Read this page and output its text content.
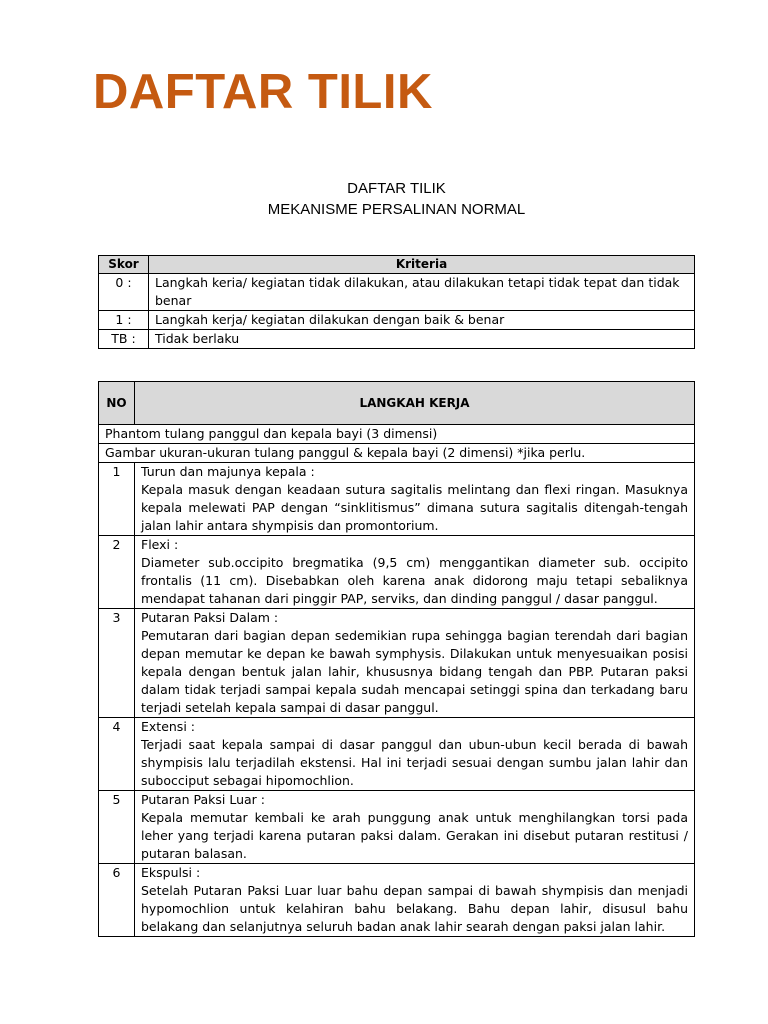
DAFTAR TILIK
DAFTAR TILIK
MEKANISME PERSALINAN NORMAL
Skor	Kriteria
0 :	Langkah keria/ kegiatan tidak dilakukan, atau dilakukan tetapi tidak tepat dan tidak benar
1 :	Langkah kerja/ kegiatan dilakukan dengan baik & benar
TB :	Tidak berlaku
NO	LANGKAH KERJA
Phantom tulang panggul dan kepala bayi (3 dimensi)	
Gambar ukuran-ukuran tulang panggul & kepala bayi (2 dimensi) *jika perlu.	
1	Turun dan majunya kepala :
Kepala masuk dengan keadaan sutura sagitalis melintang dan flexi ringan. Masuknya kepala melewati PAP dengan “sinklitismus” dimana sutura sagitalis ditengah-tengah jalan lahir antara shympisis dan promontorium.

2	Flexi :
Diameter sub.occipito bregmatika (9,5 cm) menggantikan diameter sub. occipito frontalis (11 cm). Disebabkan oleh karena anak didorong maju tetapi sebaliknya mendapat tahanan dari pinggir PAP, serviks, dan dinding panggul / dasar panggul.

3	Putaran Paksi Dalam :
Pemutaran dari bagian depan sedemikian rupa sehingga bagian terendah dari bagian depan memutar ke depan ke bawah symphysis. Dilakukan untuk menyesuaikan posisi kepala dengan bentuk jalan lahir, khususnya bidang tengah dan PBP. Putaran paksi dalam tidak terjadi sampai kepala sudah mencapai setinggi spina dan terkadang baru terjadi setelah kepala sampai di dasar panggul.

4	Extensi :
Terjadi saat kepala sampai di dasar panggul dan ubun-ubun kecil berada di bawah shympisis lalu terjadilah ekstensi. Hal ini terjadi sesuai dengan sumbu jalan lahir dan subocciput sebagai hipomochlion.

5	Putaran Paksi Luar :
Kepala memutar kembali ke arah punggung anak untuk menghilangkan torsi pada leher yang terjadi karena putaran paksi dalam. Gerakan ini disebut putaran restitusi / putaran balasan.

6	Ekspulsi :
Setelah Putaran Paksi Luar luar bahu depan sampai di bawah shympisis dan menjadi hypomochlion untuk kelahiran bahu belakang. Bahu depan lahir, disusul bahu belakang dan selanjutnya seluruh badan anak lahir searah dengan paksi jalan lahir.
